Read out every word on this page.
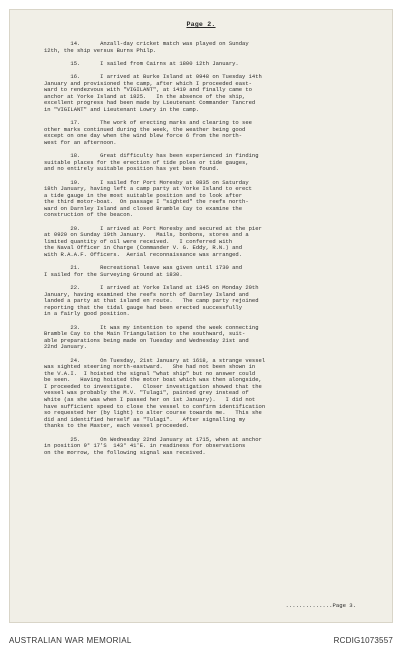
Page 2.
14.      Anzall-day cricket match was played on Sunday
12th, the ship versus Burns Philp.
15.      I sailed from Cairns at 1800 12th January.
16.      I arrived at Burke Island at 0948 on Tuesday 14th
January and provisioned the camp, after which I proceeded east-
ward to rendezvous with "VIGILANT", at 1419 and finally came to
anchor at Yorke Island at 1825.   In the absence of the ship,
excellent progress had been made by Lieutenant Commander Tancred
in "VIGILANT" and Lieutenant Lowry in the camp.
17.      The work of erecting marks and clearing to see
other marks continued during the week, the weather being good
except on one day when the wind blew force 6 from the north-
west for an afternoon.
18.      Great difficulty has been experienced in finding
suitable places for the erection of tide poles or tide gauges,
and no entirely suitable position has yet been found.
19.      I sailed for Port Moresby at 0835 on Saturday
18th January, having left a camp party at Yorke Island to erect
a tide gauge in the most suitable position and to look after
the third motor-boat.  On passage I "sighted" the reefs north-
ward on Darnley Island and closed Bramble Cay to examine the
construction of the beacon.
20.      I arrived at Port Moresby and secured at the pier
at 0920 on Sunday 19th January.   Mails, bonbons, stores and a
limited quantity of oil were received.   I conferred with
the Naval Officer in Charge (Commander V. G. Eddy, R.N.) and
with R.A.A.F. Officers.  Aerial reconnaissance was arranged.
21.      Recreational leave was given until 1730 and
I sailed for the Surveying Ground at 1830.
22.      I arrived at Yorke Island at 1345 on Monday 20th
January, having examined the reefs north of Darnley Island and
landed a party at that island en route.   The camp party rejoined
reporting that the tidal gauge had been erected successfully
in a fairly good position.
23.      It was my intention to spend the week connecting
Bramble Cay to the Main Triangulation to the southward, suit-
able preparations being made on Tuesday and Wednesday 21st and
22nd January.
24.      On Tuesday, 21st January at 1618, a strange vessel
was sighted steering north-eastward.   She had not been shown in
the V.A.I.  I hoisted the signal "what ship" but no answer could
be seen.   Having hoisted the motor boat which was then alongside,
I proceeded to investigate.   Closer investigation showed that the
vessel was probably the M.V. "Tulagi", painted grey instead of
white (as she was when I passed her on 1st January).   I did not
have sufficient speed to close the vessel to confirm identification
so requested her (by light) to alter course towards me.   This she
did and identified herself as "Tulagi".   After signalling my
thanks to the Master, each vessel proceeded.
25.      On Wednesday 22nd January at 1715, when at anchor
in position 9° 17'S  143° 41'E. in readiness for observations
on the morrow, the following signal was received.
..............Page 3.
AUSTRALIAN WAR MEMORIAL	RCDIG1073557
